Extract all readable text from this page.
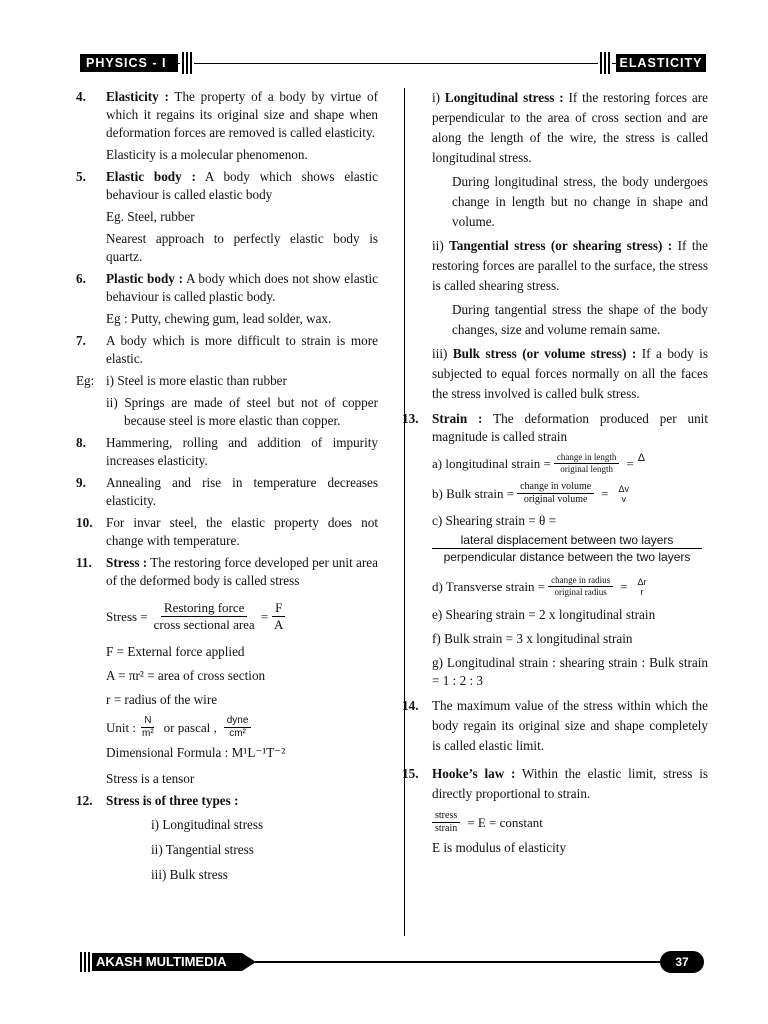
PHYSICS - I C
ELASTICITY
4.	Elasticity : The property of a body by virtue of which it regains its original size and shape when deformation forces are removed is called elasticity.
Elasticity is a molecular phenomenon.
5.	Elastic body : A body which shows elastic behaviour is called elastic body
Eg. Steel, rubber
Nearest approach to perfectly elastic body is quartz.
6.	Plastic body : A body which does not show elastic behaviour is called plastic body.
Eg : Putty, chewing gum, lead solder, wax.
7.	A body which is more difficult to strain is more elastic.
Eg: i) Steel is more elastic than rubber
ii) Springs are made of steel but not of copper because steel is more elastic than copper.
8.	Hammering, rolling and addition of impurity increases elasticity.
9.	Annealing and rise in temperature decreases elasticity.
10.	For invar steel, the elastic property does not change with temperature.
11.	Stress : The restoring force developed per unit area of the deformed body is called stress
Stress = $\frac{\text{Restoring force}}{\text{cross sectional area}} = \frac{F}{A}$
F = External force applied
A = πr² = area of cross section
r = radius of the wire
Unit : $\frac{N}{\text{m²}}$ or pascal , $\frac{\text{dyne}}{\text{cm²}}$
Dimensional Formula : M¹L⁻¹T⁻²
Stress is a tensor
12.	Stress is of three types :
i) Longitudinal stress
ii) Tangential stress
iii) Bulk stress
i) Longitudinal stress : If the restoring forces are perpendicular to the area of cross section and are along the length of the wire, the stress is called longitudinal stress.
During longitudinal stress, the body undergoes change in length but no change in shape and volume.
ii) Tangential stress (or shearing stress) : If the restoring forces are parallel to the surface, the stress is called shearing stress.
During tangential stress the shape of the body changes, size and volume remain same.
iii) Bulk stress (or volume stress) : If a body is subjected to equal forces normally on all the faces the stress involved is called bulk stress.
13.	Strain : The deformation produced per unit magnitude is called strain
a) longitudinal strain = $\frac{\text{change in length}}{\text{original length}} = \Delta$
b) Bulk strain = $\frac{\text{change in volume}}{\text{original volume}}$ =	Δv
v
c) Shearing strain = θ =
lateral displacement between two layers
perpendicular distance between the two layers
d) Transverse strain = $\frac{\text{change in radius}}{\text{original radius}}$ =	Δr
r
e) Shearing strain = 2 x longitudinal strain
f) Bulk strain = 3 x longitudinal strain
g) Longitudinal strain : shearing strain : Bulk strain = 1 : 2 : 3
14.	The maximum value of the stress within which the body regain its original size and shape completely is called elastic limit.
15.	Hooke’s law : Within the elastic limit, stress is directly proportional to strain.
$\frac{\text{stress}}{\text{strain}} = E$ = constant
E is modulus of elasticity
AKASH MULTIMEDIA	37
